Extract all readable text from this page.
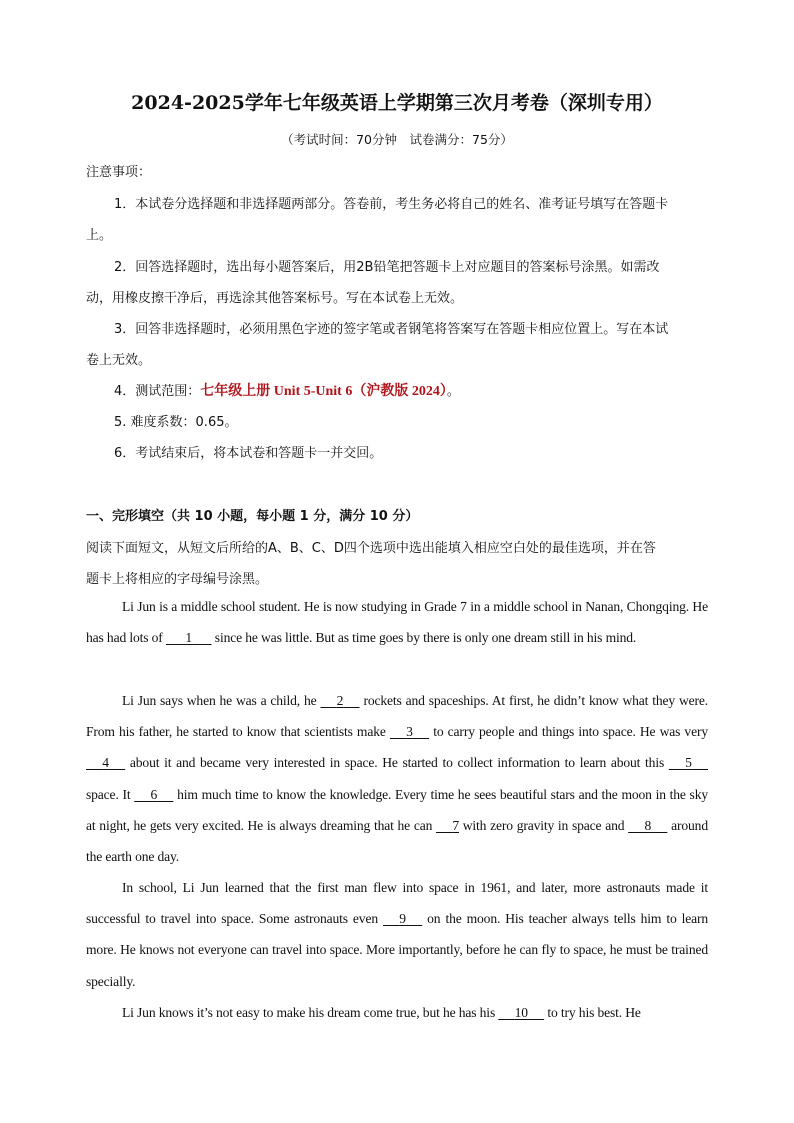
2024-2025学年七年级英语上学期第三次月考卷（深圳专用）
（考试时间：70分钟　试卷满分：75分）
注意事项：
1．本试卷分选择题和非选择题两部分。答卷前，考生务必将自己的姓名、准考证号填写在答题卡
上。
2．回答选择题时，选出每小题答案后，用2B铅笔把答题卡上对应题目的答案标号涂黑。如需改
动，用橡皮擦干净后，再选涂其他答案标号。写在本试卷上无效。
3．回答非选择题时，必须用黑色字迹的签字笔或者钢笔将答案写在答题卡相应位置上。写在本试
卷上无效。
4．测试范围：七年级上册 Unit 5-Unit 6（沪教版 2024）。
5. 难度系数：0.65。
6．考试结束后，将本试卷和答题卡一并交回。
一、完形填空（共 10 小题，每小题 1 分，满分 10 分）
阅读下面短文，从短文后所给的A、B、C、D四个选项中选出能填入相应空白处的最佳选项，并在答
题卡上将相应的字母编号涂黑。
Li Jun is a middle school student. He is now studying in Grade 7 in a middle school in Nanan, Chongqing. He has had lots of       1       since he was little. But as time goes by there is only one dream still in his mind.
Li Jun says when he was a child, he      2      rockets and spaceships. At first, he didn’t know what they were. From his father, he started to know that scientists make      3      to carry people and things into space. He was very      4      about it and became very interested in space. He started to collect information to learn about this      5      space. It      6      him much time to know the knowledge. Every time he sees beautiful stars and the moon in the sky at night, he gets very excited. He is always dreaming that he can      7 with zero gravity in space and      8      around the earth one day.
In school, Li Jun learned that the first man flew into space in 1961, and later, more astronauts made it successful to travel into space. Some astronauts even      9      on the moon. His teacher always tells him to learn more. He knows not everyone can travel into space. More importantly, before he can fly to space, he must be trained specially.
Li Jun knows it’s not easy to make his dream come true, but he has his      10      to try his best. He
